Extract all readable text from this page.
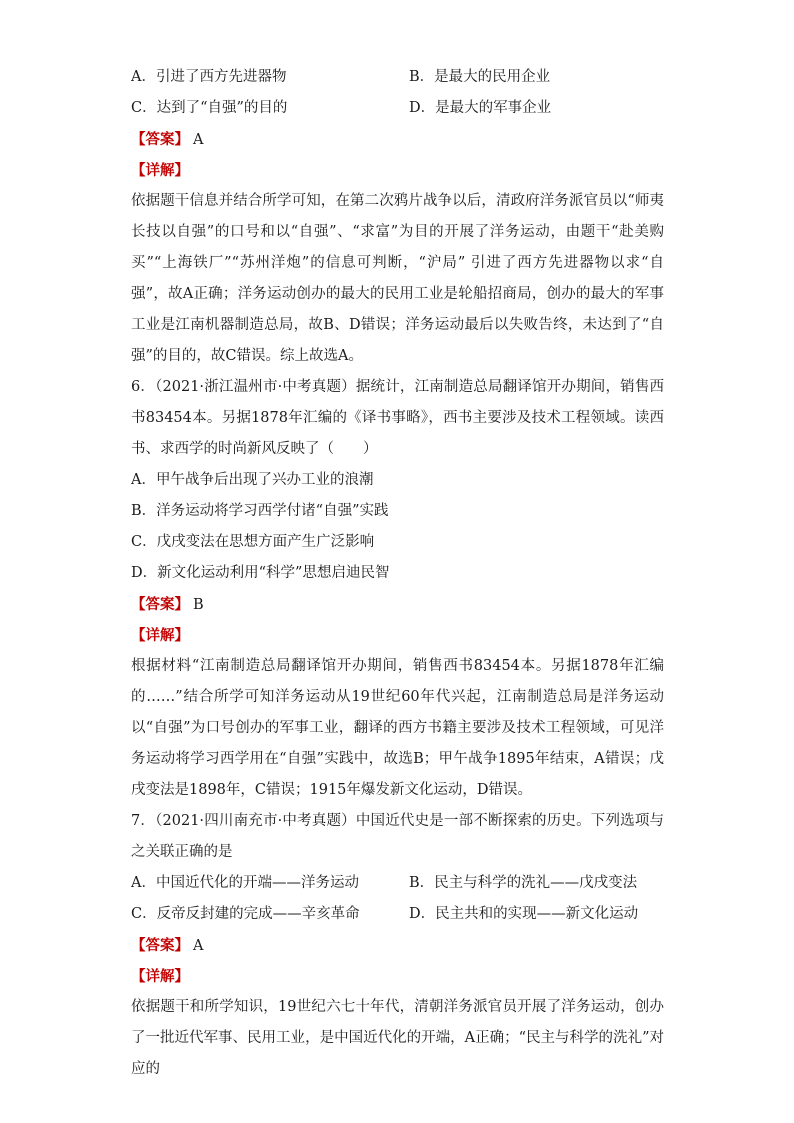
A．引进了西方先进器物	B．是最大的民用企业
C．达到了“自强”的目的	D．是最大的军事企业
【答案】 A
【详解】

依据题干信息并结合所学可知，在第二次鸦片战争以后，清政府洋务派官员以“师夷长技以自强”的口号和以“自强”、“求富”为目的开展了洋务运动，由题干“赴美购买”“上海铁厂”“苏州洋炮”的信息可判断，“沪局” 引进了西方先进器物以求“自强”，故A正确；洋务运动创办的最大的民用工业是轮船招商局，创办的最大的军事工业是江南机器制造总局，故B、D错误；洋务运动最后以失败告终，未达到了“自强”的目的，故C错误。综上故选A。

6．（2021·浙江温州市·中考真题）据统计，江南制造总局翻译馆开办期间，销售西书83454本。另据1878年汇编的《译书事略》，西书主要涉及技术工程领域。读西书、求西学的时尚新风反映了（　　）

A．甲午战争后出现了兴办工业的浪潮
B．洋务运动将学习西学付诸“自强”实践
C．戊戌变法在思想方面产生广泛影响
D．新文化运动利用“科学”思想启迪民智
【答案】 B
【详解】

根据材料“江南制造总局翻译馆开办期间，销售西书83454本。另据1878年汇编的……”结合所学可知洋务运动从19世纪60年代兴起，江南制造总局是洋务运动以“自强”为口号创办的军事工业，翻译的西方书籍主要涉及技术工程领域，可见洋务运动将学习西学用在“自强”实践中，故选B；甲午战争1895年结束，A错误；戊戌变法是1898年，C错误；1915年爆发新文化运动，D错误。

7．（2021·四川南充市·中考真题）中国近代史是一部不断探索的历史。下列选项与之关联正确的是

A．中国近代化的开端——洋务运动	B．民主与科学的洗礼——戊戌变法
C．反帝反封建的完成——辛亥革命	D．民主共和的实现——新文化运动
【答案】 A
【详解】

依据题干和所学知识，19世纪六七十年代，清朝洋务派官员开展了洋务运动，创办了一批近代军事、民用工业，是中国近代化的开端，A正确；“民主与科学的洗礼”对应的
